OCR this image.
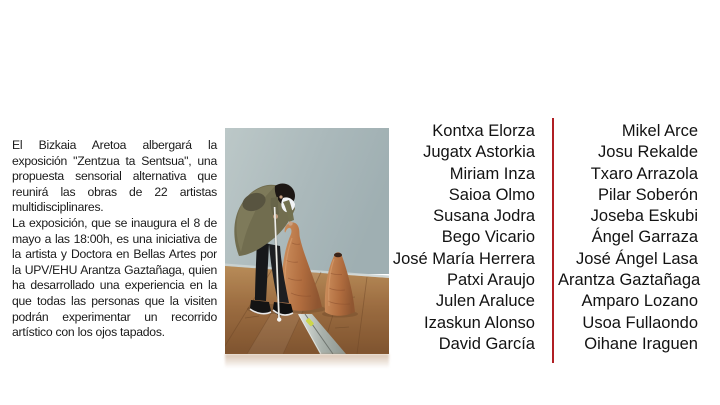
ZENTZUA TA SENTSUA
Bizkaia Aretoa / Sala de exposiciones Chillida
2023ko Maiatzak 8tik 18ra /del 8 al 18 de mayo de 2023

El Bizkaia Aretoa albergará la exposición "Zentzua ta Sentsua", una propuesta sensorial alternativa que reunirá las obras de 22 artistas multidisciplinares.

La exposición, que se inaugura el 8 de mayo a las 18:00h, es una iniciativa de la artista y Doctora en Bellas Artes por la UPV/EHU Arantza Gaztañaga, quien ha desarrollado una experiencia en la que todas las personas que la visiten podrán experimentar un recorrido artístico con los ojos tapados.

Kontxa Elorza
Jugatx Astorkia
Miriam Inza
Saioa Olmo
Susana Jodra
Bego Vicario
José María Herrera
Patxi Araujo
Julen Araluce
Izaskun Alonso
David García
Mikel Arce
Josu Rekalde
Txaro Arrazola
Pilar Soberón
Joseba Eskubi
Ángel Garraza
José Ángel Lasa
Arantza Gaztañaga
Amparo Lozano
Usoa Fullaondo
Oihane Iraguen
